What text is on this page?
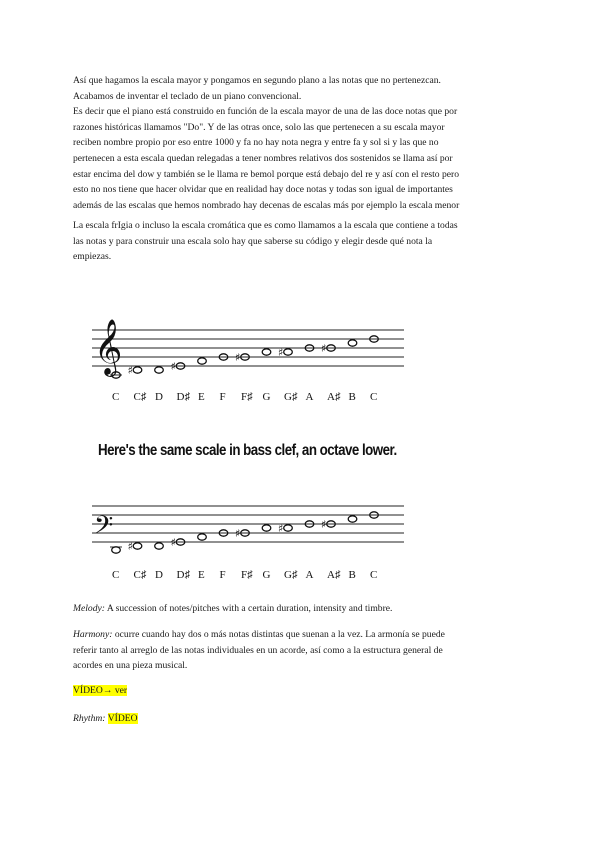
Así que hagamos la escala mayor y pongamos en segundo plano a las notas que no pertenezcan.
Acabamos de inventar el teclado de un piano convencional.
Es decir que el piano está construido en función de la escala mayor de una de las doce notas que por
razones históricas llamamos "Do". Y de las otras once, solo las que pertenecen a su escala mayor
reciben nombre propio por eso entre 1000 y fa no hay nota negra y entre fa y sol si y las que no
pertenecen a esta escala quedan relegadas a tener nombres relativos dos sostenidos se llama así por
estar encima del dow y también se le llama re bemol porque está debajo del re y así con el resto pero
esto no nos tiene que hacer olvidar que en realidad hay doce notas y todas son igual de importantes
además de las escalas que hemos nombrado hay decenas de escalas más por ejemplo la escala menor
La escala frIgia o incluso la escala cromática que es como llamamos a la escala que contiene a todas
las notas y para construir una escala solo hay que saberse su código y elegir desde qué nota la
empiezas.
♯	♯
♯	♯	♯
♯	♯
♯	♯	♯
𝄞
𝄢
C C♯ D D♯ E F F♯ G G♯ A A♯ B C
C C♯ D D♯ E F F♯ G G♯ A A♯ B C
Here's the same scale in bass clef, an octave lower.
Melody: A succession of notes/pitches with a certain duration, intensity and timbre.
Harmony: ocurre cuando hay dos o más notas distintas que suenan a la vez. La armonía se puede
referir tanto al arreglo de las notas individuales en un acorde, así como a la estructura general de
acordes en una pieza musical.
VÍDEO→ ver
Rhythm: VÍDEO
